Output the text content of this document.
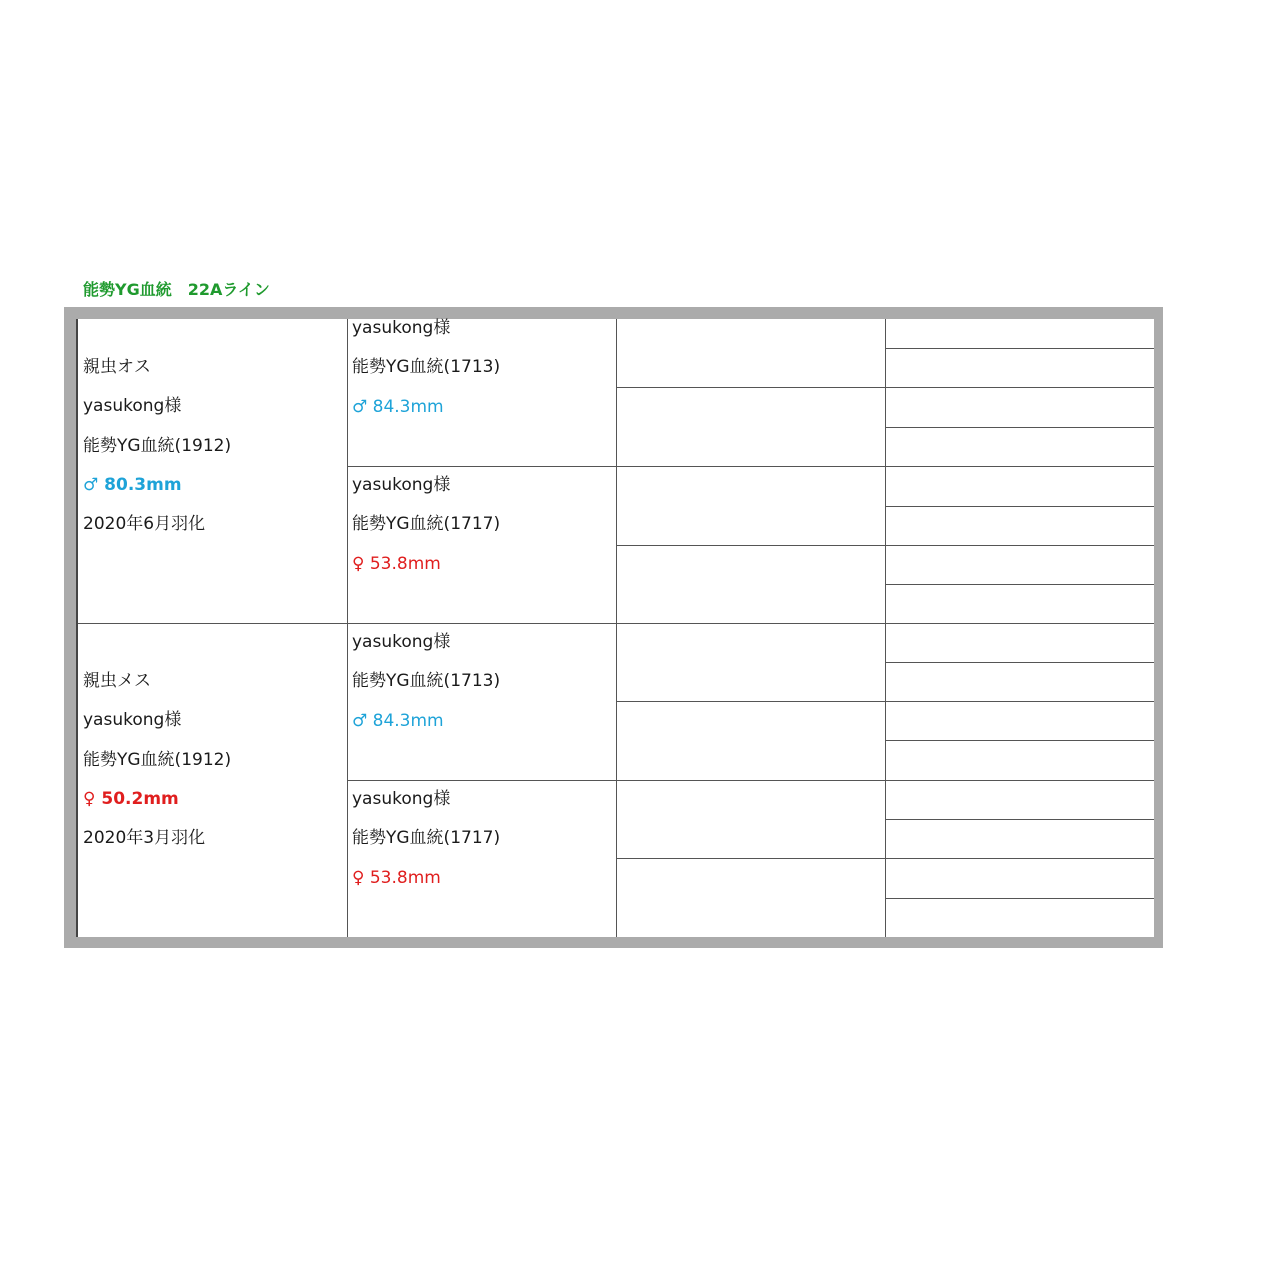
能勢YG血統　22Aライン
親虫オス
yasukong様
能勢YG血統(1912)
♂ 80.3mm
2020年6月羽化
親虫メス
yasukong様
能勢YG血統(1912)
♀ 50.2mm
2020年3月羽化
yasukong様
能勢YG血統(1713)
♂ 84.3mm
yasukong様
能勢YG血統(1717)
♀ 53.8mm
yasukong様
能勢YG血統(1713)
♂ 84.3mm
yasukong様
能勢YG血統(1717)
♀ 53.8mm
